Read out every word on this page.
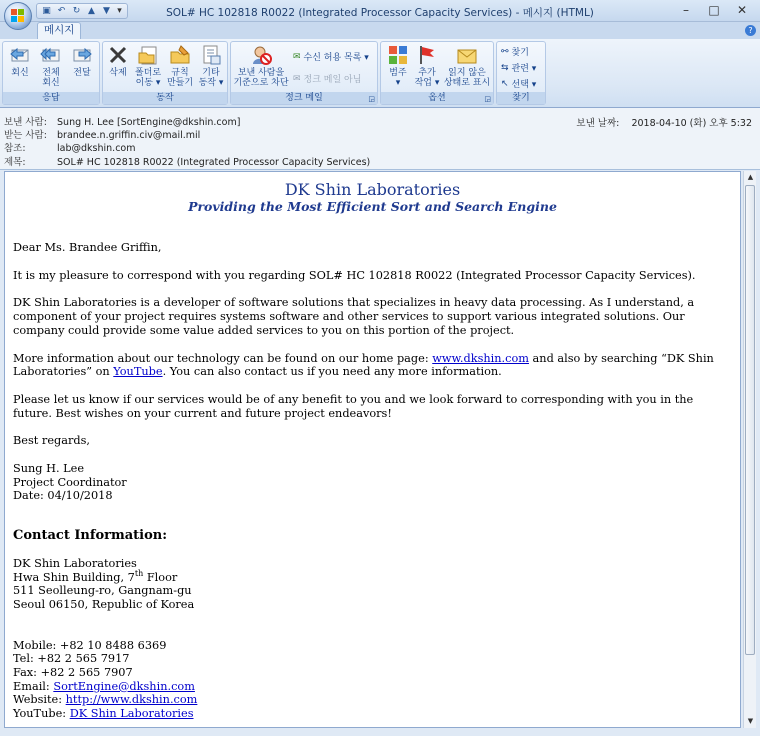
▣ ↶ ↻ ▲ ▼ ▾	SOL# HC 102818 R0022 (Integrated Processor Capacity Services) - 메시지 (HTML)	–	□	✕
메시지	?
회신	전체
회신
전달
응답
삭제 폴더로
이동 ▾
규칙
만들기
기타
동작 ▾
동작
보낸 사람을
기준으로 차단
✉ 수신 허용 목록 ▾
✉ 정크 메일 아님
정크 메일	◲
범주
▾
추가
작업 ▾
읽지 않은
상태로 표시
옵션	◲
⚯ 찾기
⇆ 관련 ▾
↖ 선택 ▾
찾기
보낸 사람: Sung H. Lee [SortEngine@dkshin.com]
받는 사람: brandee.n.griffin.civ@mail.mil
참조:	lab@dkshin.com
제목:	SOL# HC 102818 R0022 (Integrated Processor Capacity Services)
보낸 날짜: 2018-04-10 (화) 오후 5:32
DK Shin Laboratories
Providing the Most Efficient Sort and Search Engine

Dear Ms. Brandee Griffin,

It is my pleasure to correspond with you regarding SOL# HC 102818 R0022 (Integrated Processor Capacity Services).

DK Shin Laboratories is a developer of software solutions that specializes in heavy data processing. As I understand, a component of your project requires systems software and other services to support various integrated solutions. Our company could provide some value added services to you on this portion of the project.

More information about our technology can be found on our home page: www.dkshin.com and also by searching “DK Shin Laboratories” on YouTube. You can also contact us if you need any more information.

Please let us know if our services would be of any benefit to you and we look forward to corresponding with you in the future. Best wishes on your current and future project endeavors!

Best regards,

Sung H. Lee

Project Coordinator

Date: 04/10/2018

Contact Information:

DK Shin Laboratories

Hwa Shin Building, 7th Floor

511 Seolleung-ro, Gangnam-gu

Seoul 06150, Republic of Korea

Mobile: +82 10 8488 6369

Tel: +82 2 565 7917

Fax: +82 2 565 7907

Email: SortEngine@dkshin.com

Website: http://www.dkshin.com

YouTube: DK Shin Laboratories

▲
▼
